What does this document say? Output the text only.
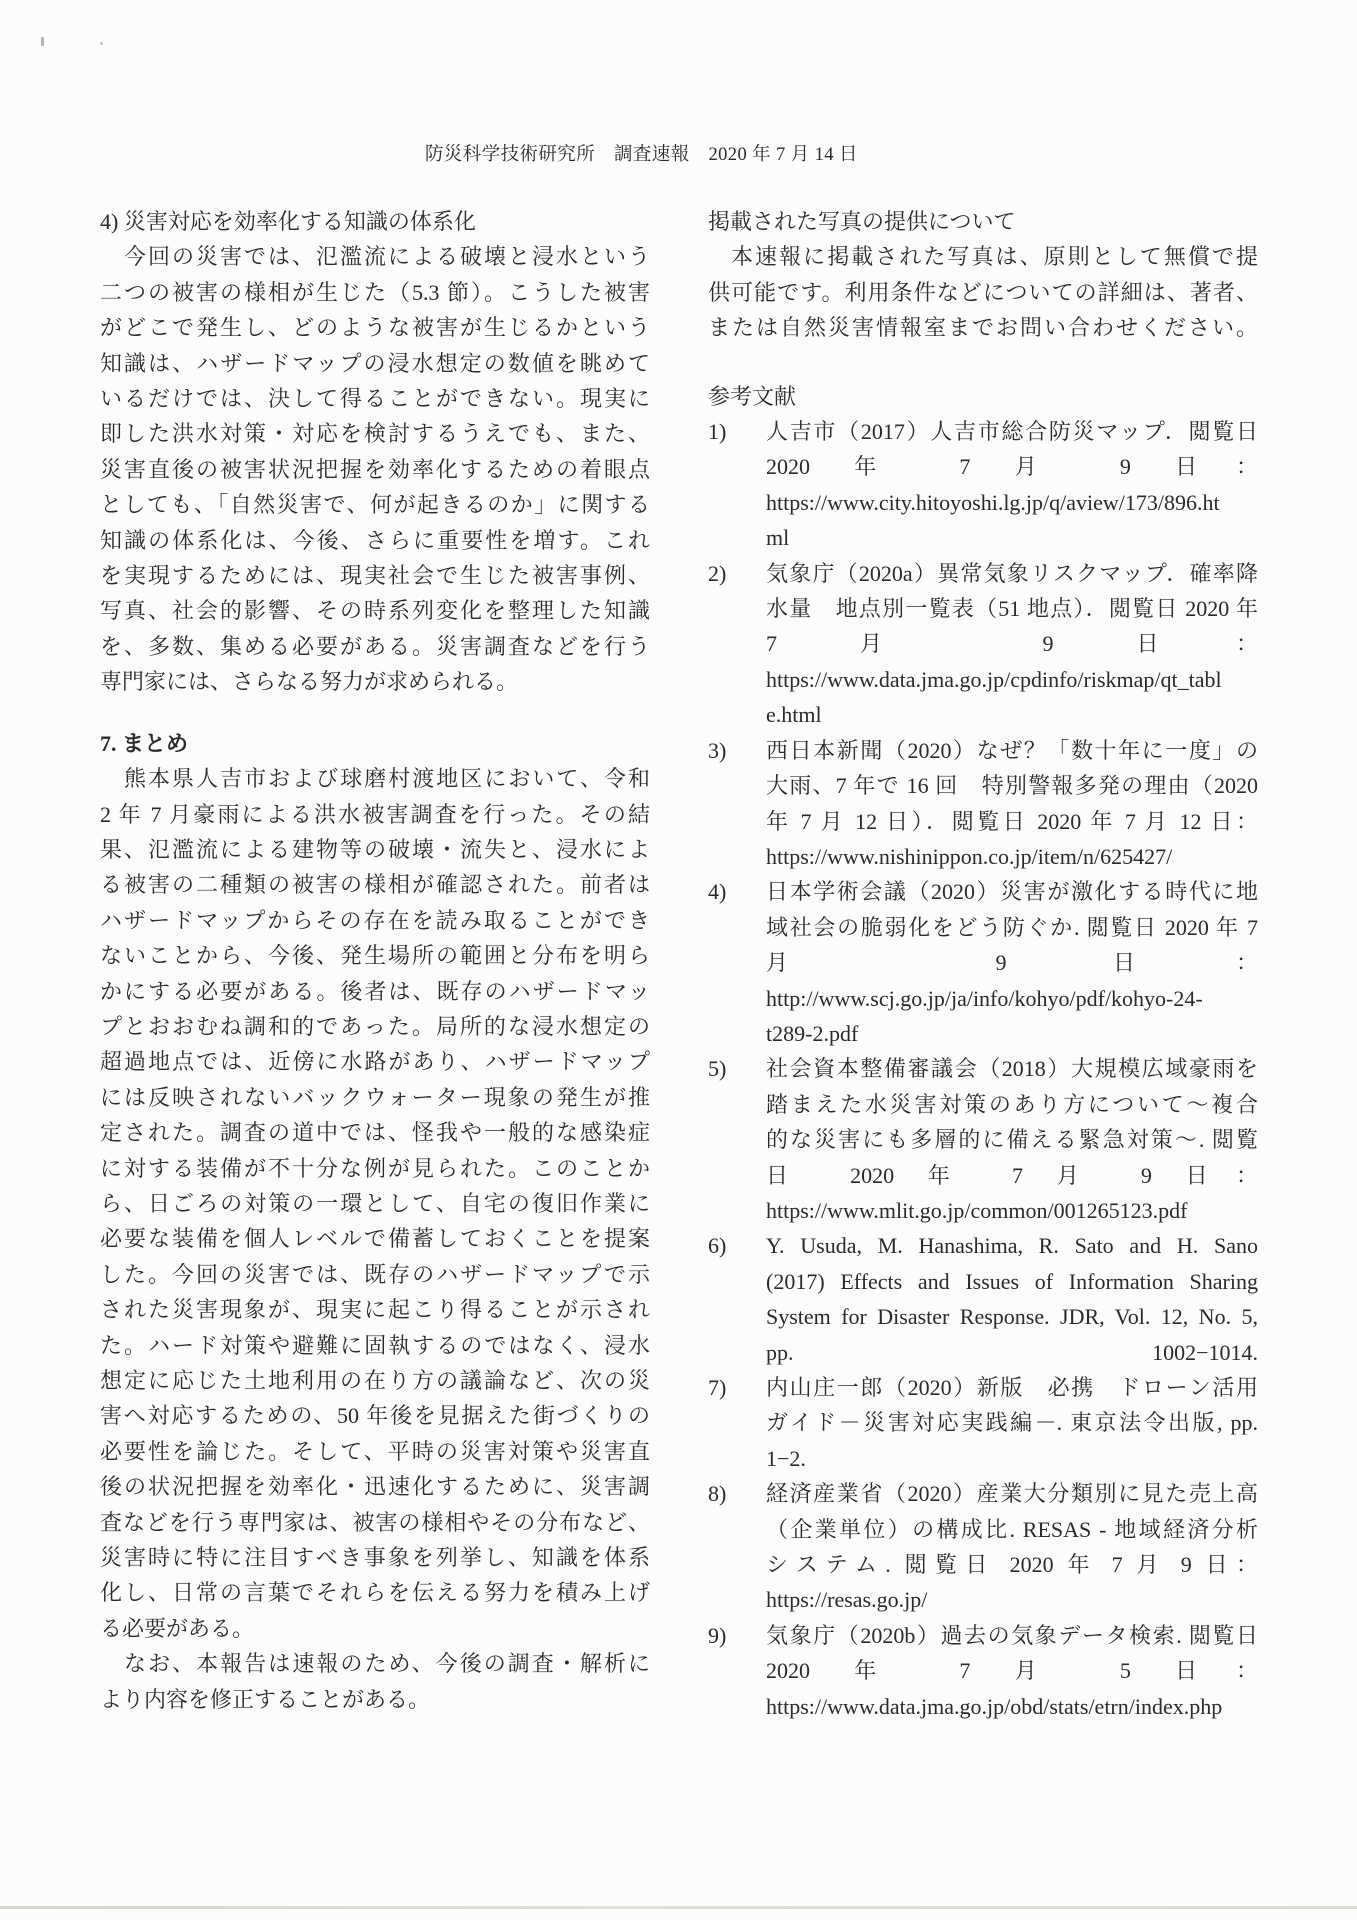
防災科学技術研究所　調査速報　2020 年 7 月 14 日
4) 災害対応を効率化する知識の体系化
　今回の災害では、氾濫流による破壊と浸水という
二つの被害の様相が生じた（5.3 節）。こうした被害
がどこで発生し、どのような被害が生じるかという
知識は、ハザードマップの浸水想定の数値を眺めて
いるだけでは、決して得ることができない。現実に
即した洪水対策・対応を検討するうえでも、また、
災害直後の被害状況把握を効率化するための着眼点
としても、「自然災害で、何が起きるのか」に関する
知識の体系化は、今後、さらに重要性を増す。これ
を実現するためには、現実社会で生じた被害事例、
写真、社会的影響、その時系列変化を整理した知識
を、多数、集める必要がある。災害調査などを行う
専門家には、さらなる努力が求められる。
7. まとめ
　熊本県人吉市および球磨村渡地区において、令和
2 年 7 月豪雨による洪水被害調査を行った。その結
果、氾濫流による建物等の破壊・流失と、浸水によ
る被害の二種類の被害の様相が確認された。前者は
ハザードマップからその存在を読み取ることができ
ないことから、今後、発生場所の範囲と分布を明ら
かにする必要がある。後者は、既存のハザードマッ
プとおおむね調和的であった。局所的な浸水想定の
超過地点では、近傍に水路があり、ハザードマップ
には反映されないバックウォーター現象の発生が推
定された。調査の道中では、怪我や一般的な感染症
に対する装備が不十分な例が見られた。このことか
ら、日ごろの対策の一環として、自宅の復旧作業に
必要な装備を個人レベルで備蓄しておくことを提案
した。今回の災害では、既存のハザードマップで示
された災害現象が、現実に起こり得ることが示され
た。ハード対策や避難に固執するのではなく、浸水
想定に応じた土地利用の在り方の議論など、次の災
害へ対応するための、50 年後を見据えた街づくりの
必要性を論じた。そして、平時の災害対策や災害直
後の状況把握を効率化・迅速化するために、災害調
査などを行う専門家は、被害の様相やその分布など、
災害時に特に注目すべき事象を列挙し、知識を体系
化し、日常の言葉でそれらを伝える努力を積み上げ
る必要がある。
　なお、本報告は速報のため、今後の調査・解析に
より内容を修正することがある。
掲載された写真の提供について
本速報に掲載された写真は、原則として無償で提
供可能です。利用条件などについての詳細は、著者、
または自然災害情報室までお問い合わせください。
参考文献
1)	人吉市（2017）人吉市総合防災マップ．閲覧日
2020 年 7 月 9 日：
https://www.city.hitoyoshi.lg.jp/q/aview/173/896.ht
ml
2)	気象庁（2020a）異常気象リスクマップ．確率降
水量　地点別一覧表（51 地点）．閲覧日 2020 年
7 月 9 日：
https://www.data.jma.go.jp/cpdinfo/riskmap/qt_tabl
e.html
3)	西日本新聞（2020）なぜ？「数十年に一度」の
大雨、7 年で 16 回　特別警報多発の理由（2020
年 7 月 12 日）．閲覧日 2020 年 7 月 12 日：
https://www.nishinippon.co.jp/item/n/625427/
4)	日本学術会議（2020）災害が激化する時代に地
域社会の脆弱化をどう防ぐか. 閲覧日 2020 年 7
月 9 日：
http://www.scj.go.jp/ja/info/kohyo/pdf/kohyo-24-
t289-2.pdf
5)	社会資本整備審議会（2018）大規模広域豪雨を
踏まえた水災害対策のあり方について～複合
的な災害にも多層的に備える緊急対策～. 閲覧
日 2020 年 7 月 9 日：
https://www.mlit.go.jp/common/001265123.pdf
6)	Y. Usuda, M. Hanashima, R. Sato and H. Sano
(2017) Effects and Issues of Information Sharing
System for Disaster Response. JDR, Vol. 12, No. 5,
pp. 1002−1014.
7)	内山庄一郎（2020）新版　必携　ドローン活用
ガイド－災害対応実践編－. 東京法令出版, pp.
1−2.
8)	経済産業省（2020）産業大分類別に見た売上高
（企業単位）の構成比. RESAS - 地域経済分析
システム. 閲覧日 2020 年 7 月 9 日：
https://resas.go.jp/
9)	気象庁（2020b）過去の気象データ検索. 閲覧日
2020 年 7 月 5 日：
https://www.data.jma.go.jp/obd/stats/etrn/index.php
